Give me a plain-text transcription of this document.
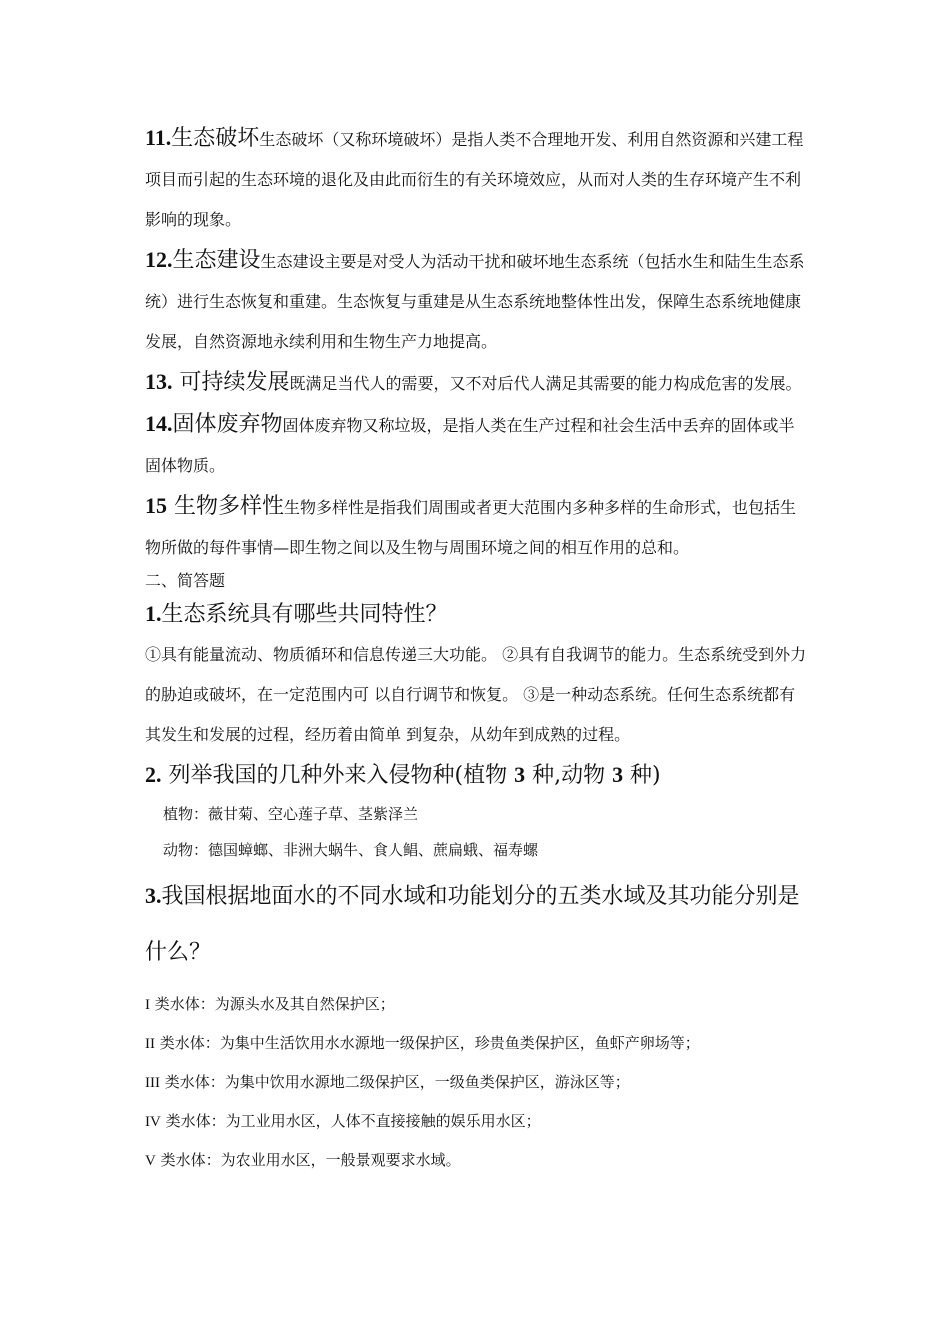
11.生态破坏生态破坏（又称环境破坏）是指人类不合理地开发、利用自然资源和兴建工程项目而引起的生态环境的退化及由此而衍生的有关环境效应，从而对人类的生存环境产生不利影响的现象。

12.生态建设生态建设主要是对受人为活动干扰和破坏地生态系统（包括水生和陆生生态系统）进行生态恢复和重建。生态恢复与重建是从生态系统地整体性出发，保障生态系统地健康发展，自然资源地永续利用和生物生产力地提高。

13. 可持续发展既满足当代人的需要，又不对后代人满足其需要的能力构成危害的发展。

14.固体废弃物固体废弃物又称垃圾，是指人类在生产过程和社会生活中丢弃的固体或半固体物质。

15 生物多样性生物多样性是指我们周围或者更大范围内多种多样的生命形式，也包括生物所做的每件事情—即生物之间以及生物与周围环境之间的相互作用的总和。

二、简答题

1.生态系统具有哪些共同特性？

①具有能量流动、物质循环和信息传递三大功能。 ②具有自我调节的能力。生态系统受到外力的胁迫或破坏，在一定范围内可 以自行调节和恢复。 ③是一种动态系统。任何生态系统都有其发生和发展的过程，经历着由简单 到复杂，从幼年到成熟的过程。

2. 列举我国的几种外来入侵物种(植物 3 种,动物 3 种)

植物：薇甘菊、空心莲子草、茎紫泽兰

动物：德国蟑螂、非洲大蜗牛、食人鲳、蔗扁蛾、福寿螺

3.我国根据地面水的不同水域和功能划分的五类水域及其功能分别是什么？

I 类水体：为源头水及其自然保护区；

II 类水体：为集中生活饮用水水源地一级保护区，珍贵鱼类保护区，鱼虾产卵场等；

III 类水体：为集中饮用水源地二级保护区，一级鱼类保护区，游泳区等；

IV 类水体：为工业用水区，人体不直接接触的娱乐用水区；

V 类水体：为农业用水区，一般景观要求水域。
